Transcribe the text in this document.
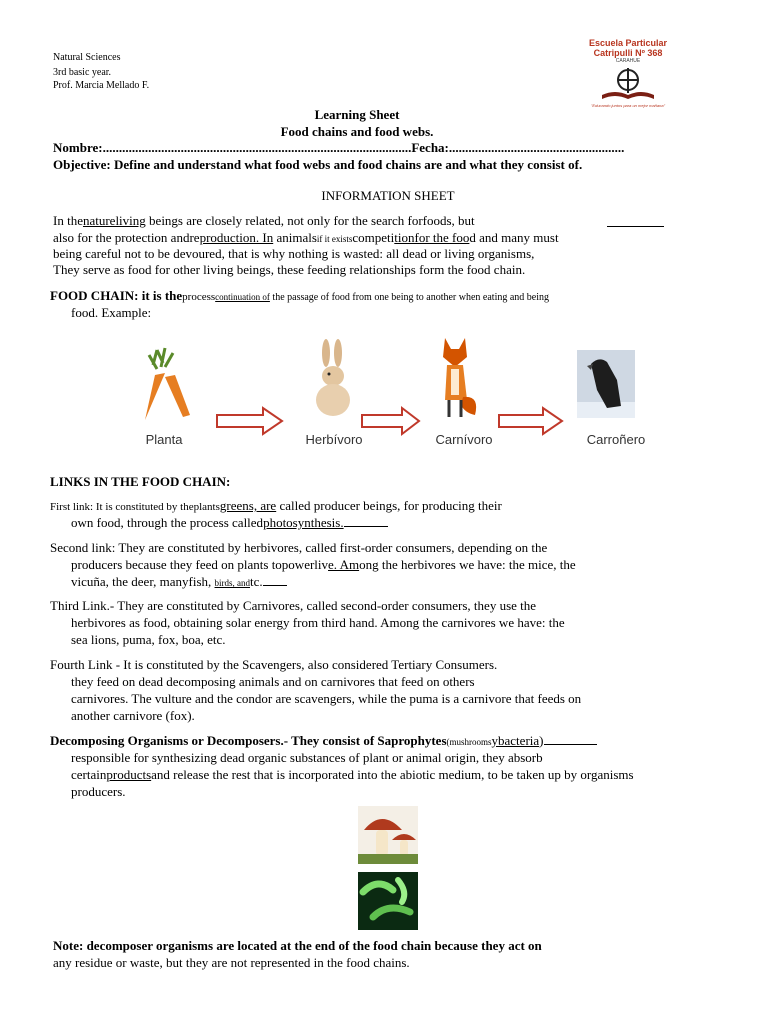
Natural Sciences
3rd basic year.
Prof. Marcia Mellado F.
Escuela Particular
Catripulli Nº 368
CARAHUE
"Educando juntos para un mejor mañana"
Learning Sheet
Food chains and food webs.
Nombre:...............................................................................................Fecha:......................................................
Objective: Define and understand what food webs and food chains are and what they consist of.
INFORMATION SHEET
In thenatureliving beings are closely related, not only for the search forfoods, but
also for the protection andreproduction. In animalsif it existscompetitionfor the food and many must
being careful not to be devoured, that is why nothing is wasted: all dead or living organisms,
They serve as food for other living beings, these feeding relationships form the food chain.
FOOD CHAIN: it is theprocesscontinuation of the passage of food from one being to another when eating and being
food. Example:
Planta	Herbívoro	Carnívoro	Carroñero
LINKS IN THE FOOD CHAIN:
First link: It is constituted by theplantsgreens, are called producer beings, for producing their
own food, through the process calledphotosynthesis.
Second link: They are constituted by herbivores, called first-order consumers, depending on the
producers because they feed on plants topowerlive. Among the herbivores we have: the mice, the
vicuña, the deer, manyfish, birds, andtc.
Third Link.- They are constituted by Carnivores, called second-order consumers, they use the
herbivores as food, obtaining solar energy from third hand. Among the carnivores we have: the
sea lions, puma, fox, boa, etc.
Fourth Link - It is constituted by the Scavengers, also considered Tertiary Consumers.
they feed on dead decomposing animals and on carnivores that feed on others
carnivores. The vulture and the condor are scavengers, while the puma is a carnivore that feeds on
another carnivore (fox).
Decomposing Organisms or Decomposers.- They consist of Saprophytes(mushroomsybacteria)
responsible for synthesizing dead organic substances of plant or animal origin, they absorb
certainproductsand release the rest that is incorporated into the abiotic medium, to be taken up by organisms
producers.
Note: decomposer organisms are located at the end of the food chain because they act on
any residue or waste, but they are not represented in the food chains.
